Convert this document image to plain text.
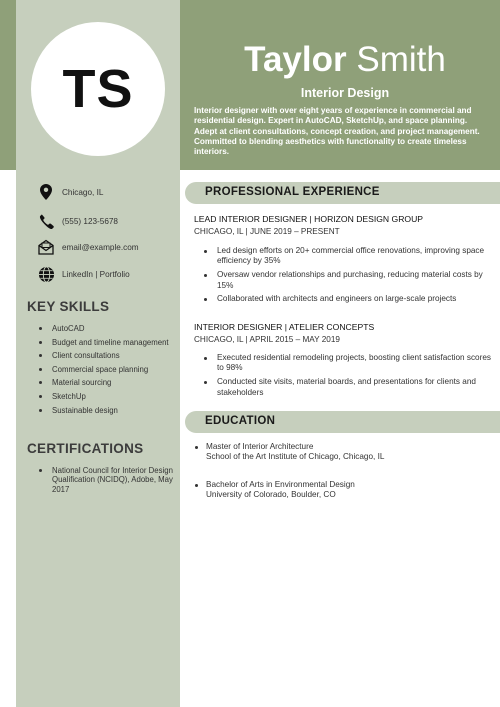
TS	Taylor Smith
Interior Design
Interior designer with over eight years of experience in commercial and residential design. Expert in AutoCAD, SketchUp, and space planning. Adept at client consultations, concept creation, and project management. Committed to blending aesthetics with functionality to create timeless interiors.
Chicago, IL
(555) 123-5678
email@example.com
LinkedIn | Portfolio
KEY SKILLS
AutoCAD
Budget and timeline management
Client consultations
Commercial space planning
Material sourcing
SketchUp
Sustainable design
CERTIFICATIONS
National Council for Interior Design Qualification (NCIDQ), Adobe, May 2017
PROFESSIONAL EXPERIENCE
LEAD INTERIOR DESIGNER | HORIZON DESIGN GROUP
CHICAGO, IL | JUNE 2019 – PRESENT
Led design efforts on 20+ commercial office renovations, improving space efficiency by 35%
Oversaw vendor relationships and purchasing, reducing material costs by 15%
Collaborated with architects and engineers on large-scale projects
INTERIOR DESIGNER | ATELIER CONCEPTS
CHICAGO, IL | APRIL 2015 – MAY 2019
Executed residential remodeling projects, boosting client satisfaction scores to 98%
Conducted site visits, material boards, and presentations for clients and stakeholders
EDUCATION
Master of Interior Architecture
School of the Art Institute of Chicago, Chicago, IL
Bachelor of Arts in Environmental Design
University of Colorado, Boulder, CO
